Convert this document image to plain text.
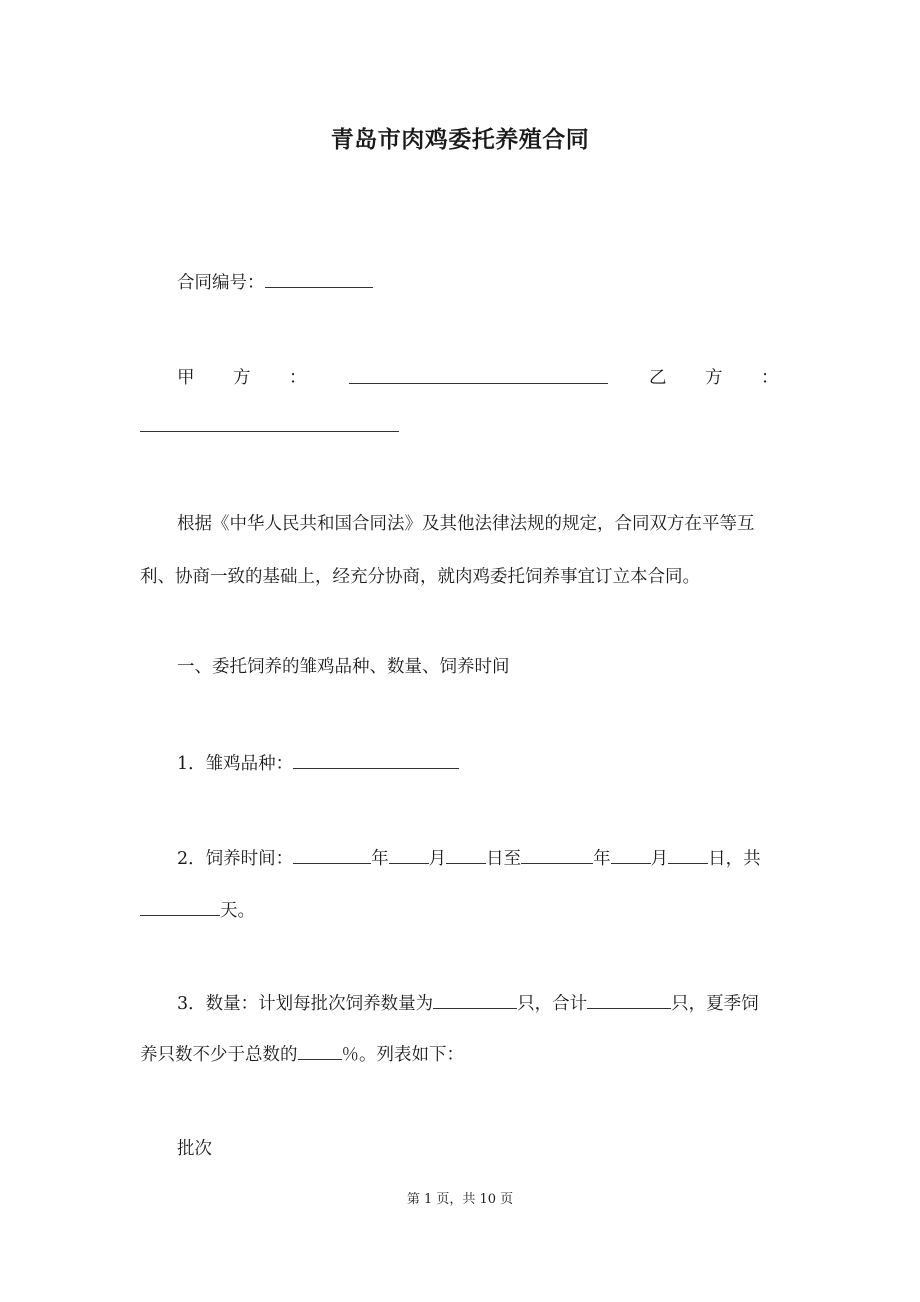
青岛市肉鸡委托养殖合同
合同编号：
甲 方 ：	乙 方 ：
根据《中华人民共和国合同法》及其他法律法规的规定，合同双方在平等互
利、协商一致的基础上，经充分协商，就肉鸡委托饲养事宜订立本合同。
一、委托饲养的雏鸡品种、数量、饲养时间
1．雏鸡品种：
2．饲养时间：	年 月 日至	年 月 日，共
天。
3．数量：计划每批次饲养数量为	只，合计	只，夏季饲
养只数不少于总数的	％。列表如下：
批次
第 1 页，共 10 页
